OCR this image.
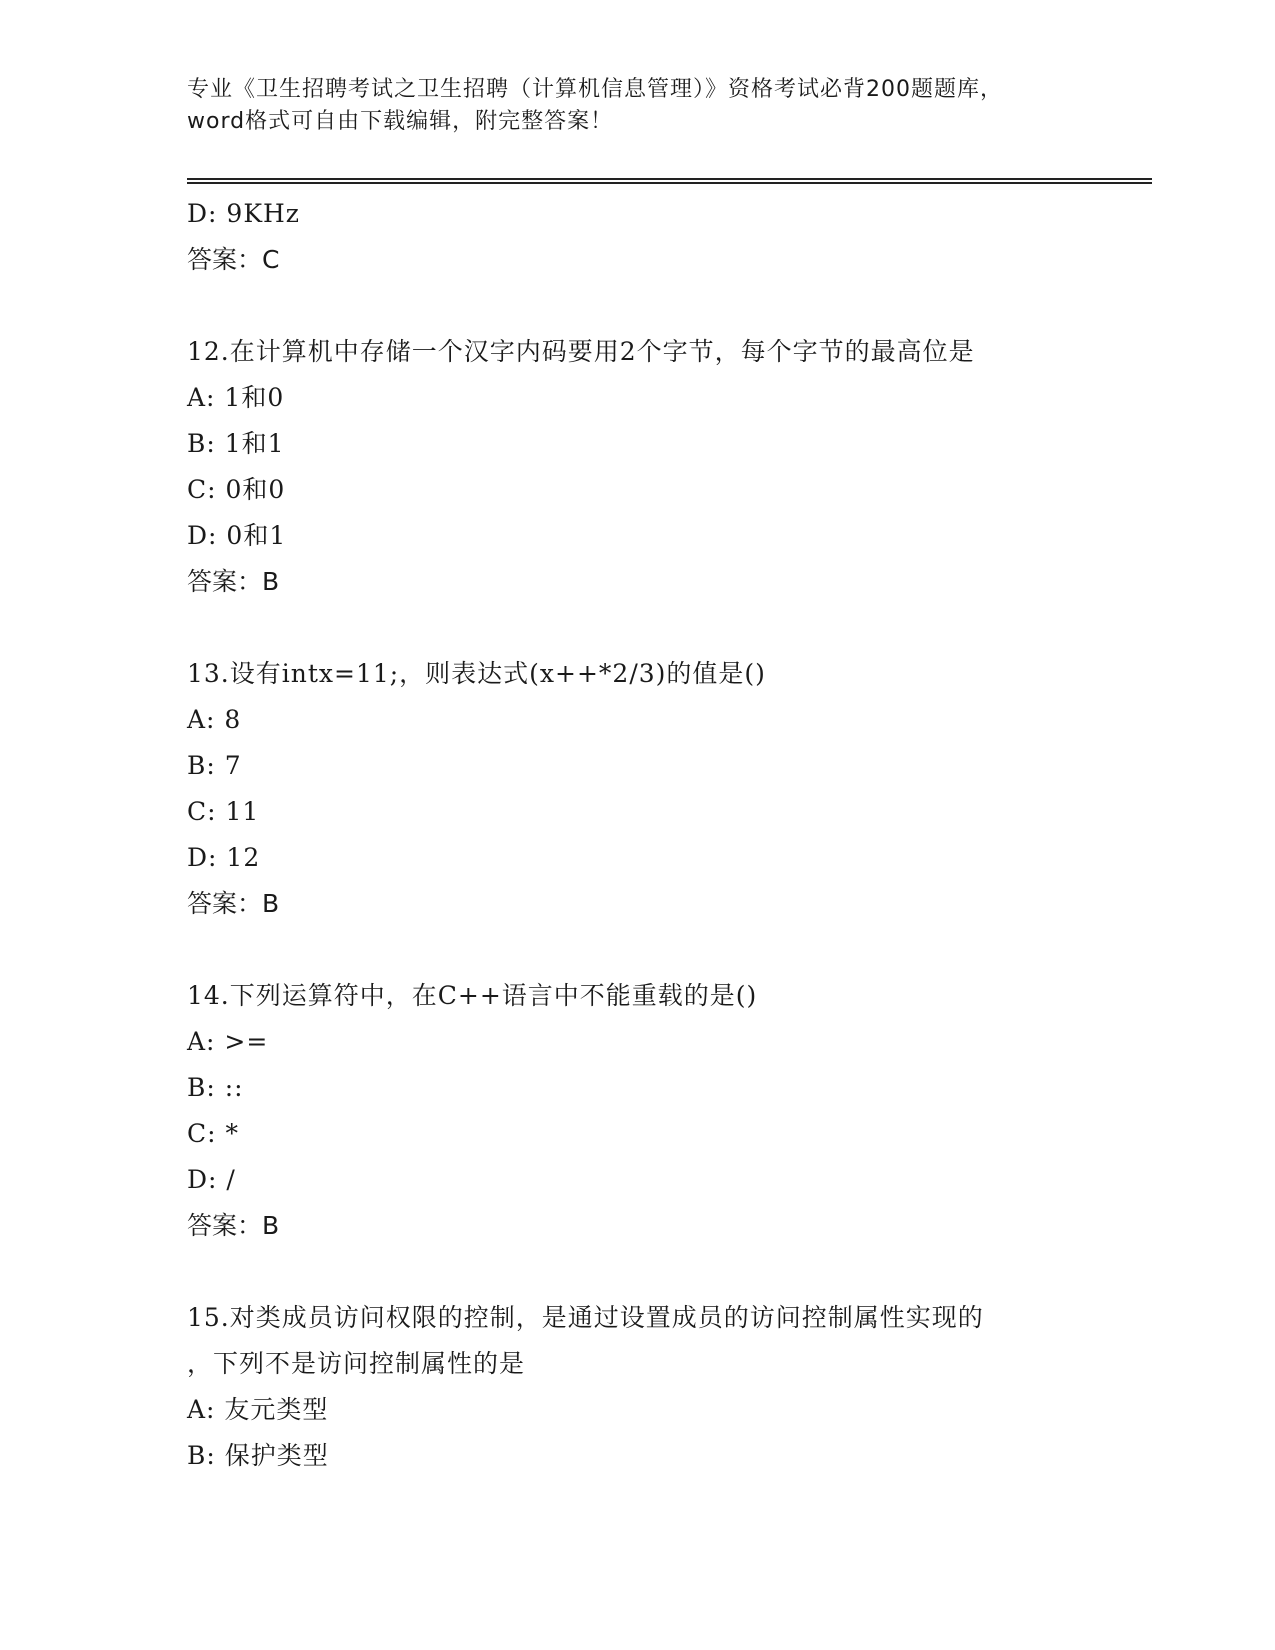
专业《卫生招聘考试之卫生招聘（计算机信息管理）》资格考试必背200题题库，
word格式可自由下载编辑，附完整答案！
D: 9KHz
答案：C
12.在计算机中存储一个汉字内码要用2个字节，每个字节的最高位是
A: 1和0
B: 1和1
C: 0和0
D: 0和1
答案：B
13.设有intx=11;，则表达式(x++*2/3)的值是()
A: 8
B: 7
C: 11
D: 12
答案：B
14.下列运算符中，在C++语言中不能重载的是()
A: >=
B: ::
C: *
D: /
答案：B
15.对类成员访问权限的控制，是通过设置成员的访问控制属性实现的
，下列不是访问控制属性的是
A: 友元类型
B: 保护类型
